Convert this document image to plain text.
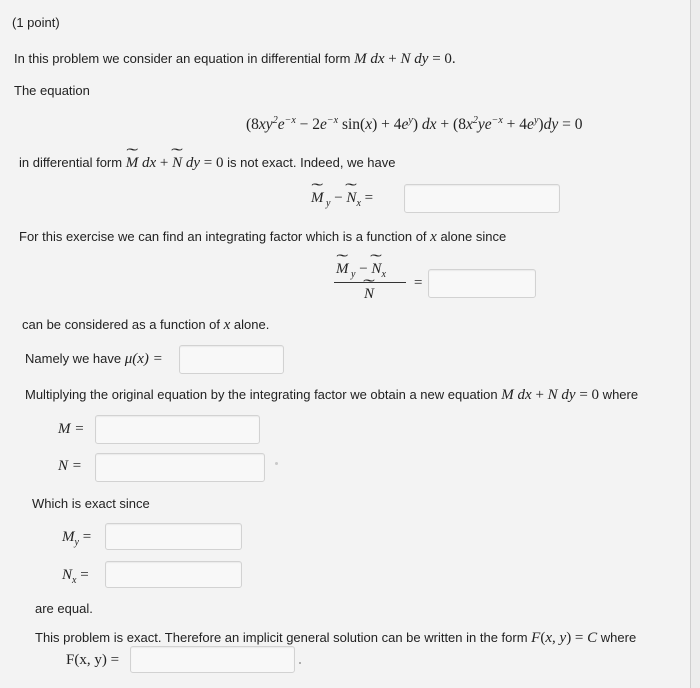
(1 point)
In this problem we consider an equation in differential form M dx + N dy = 0.
The equation
($8xy^2e^{-x} - 2e^{-x}$ $\sin(x) + 4e^y$) dx + $(8x^2ye^{-x} + 4e^y)dy = 0$
in differential form ˜ M dx + ˜ N dy = 0 is not exact. Indeed, we have
˜ M $_y$ − ˜ $N_x$ =
For this exercise we can find an integrating factor which is a function of x alone since
˜ M $_y$ − ˜ $N_x$
˜ N
=
can be considered as a function of x alone.
Namely we have μ(x) =
Multiplying the original equation by the integrating factor we obtain a new equation M dx + N dy = 0 where
M =
N =
Which is exact since
$M_y$ =
$N_x$ =
are equal.
This problem is exact. Therefore an implicit general solution can be written in the form F(x, y) = C where
F(x, y) =
